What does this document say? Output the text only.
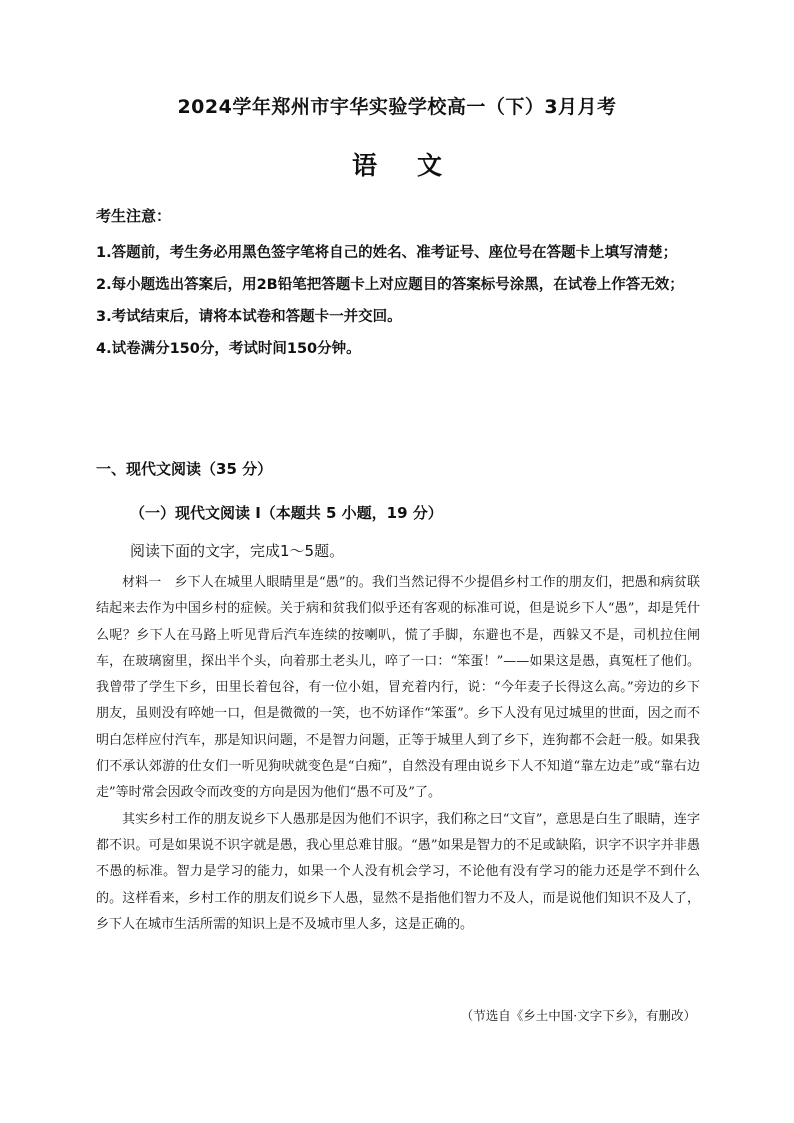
2024学年郑州市宇华实验学校高一（下）3月月考
语文
考生注意：
1.答题前，考生务必用黑色签字笔将自己的姓名、准考证号、座位号在答题卡上填写清楚；
2.每小题选出答案后，用2B铅笔把答题卡上对应题目的答案标号涂黑，在试卷上作答无效；
3.考试结束后，请将本试卷和答题卡一并交回。
4.试卷满分150分，考试时间150分钟。
一、现代文阅读（35 分）
（一）现代文阅读 I（本题共 5 小题，19 分）
阅读下面的文字，完成1～5题。

材料一　乡下人在城里人眼睛里是“愚”的。我们当然记得不少提倡乡村工作的朋友们，把愚和病贫联结起来去作为中国乡村的症候。关于病和贫我们似乎还有客观的标准可说，但是说乡下人“愚”，却是凭什么呢？乡下人在马路上听见背后汽车连续的按喇叭，慌了手脚，东避也不是，西躲又不是，司机拉住闸车，在玻璃窗里，探出半个头，向着那土老头儿，啐了一口：“笨蛋！”——如果这是愚，真冤枉了他们。我曾带了学生下乡，田里长着包谷，有一位小姐，冒充着内行，说：“今年麦子长得这么高。”旁边的乡下朋友，虽则没有啐她一口，但是微微的一笑，也不妨译作“笨蛋”。乡下人没有见过城里的世面，因之而不明白怎样应付汽车，那是知识问题，不是智力问题，正等于城里人到了乡下，连狗都不会赶一般。如果我们不承认郊游的仕女们一听见狗吠就变色是“白痴”，自然没有理由说乡下人不知道“靠左边走”或“靠右边走”等时常会因政令而改变的方向是因为他们“愚不可及”了。

其实乡村工作的朋友说乡下人愚那是因为他们不识字，我们称之曰“文盲”，意思是白生了眼睛，连字都不识。可是如果说不识字就是愚，我心里总难甘服。“愚”如果是智力的不足或缺陷，识字不识字并非愚不愚的标准。智力是学习的能力，如果一个人没有机会学习，不论他有没有学习的能力还是学不到什么的。这样看来，乡村工作的朋友们说乡下人愚，显然不是指他们智力不及人，而是说他们知识不及人了，乡下人在城市生活所需的知识上是不及城市里人多，这是正确的。

（节选自《乡土中国·文字下乡》，有删改）
